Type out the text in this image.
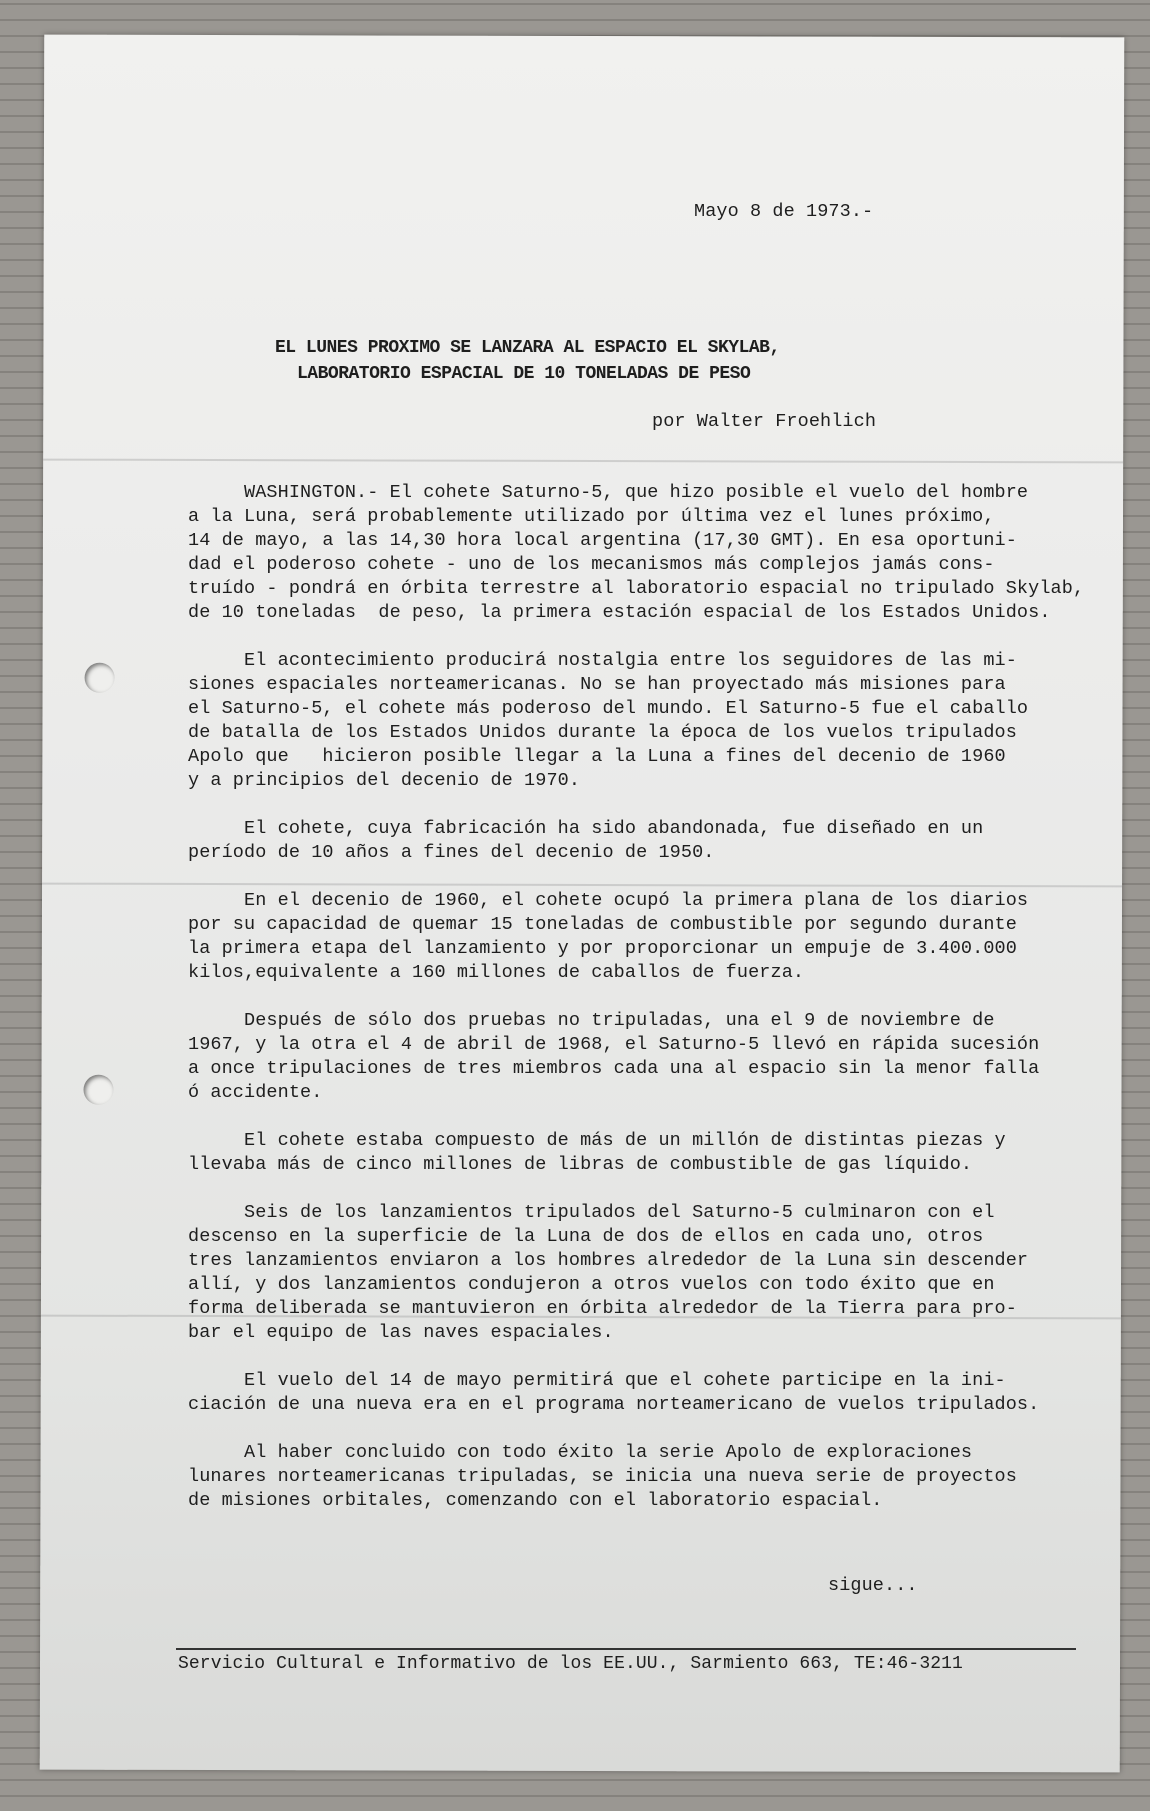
Mayo 8 de 1973.-
EL LUNES PROXIMO SE LANZARA AL ESPACIO EL SKYLAB,
LABORATORIO ESPACIAL DE 10 TONELADAS DE PESO
por Walter Froehlich
WASHINGTON.- El cohete Saturno-5, que hizo posible el vuelo del hombre
a la Luna, será probablemente utilizado por última vez el lunes próximo,
14 de mayo, a las 14,30 hora local argentina (17,30 GMT). En esa oportuni-
dad el poderoso cohete - uno de los mecanismos más complejos jamás cons-
truído - pondrá en órbita terrestre al laboratorio espacial no tripulado Skylab,
de 10 toneladas  de peso, la primera estación espacial de los Estados Unidos.
El acontecimiento producirá nostalgia entre los seguidores de las mi-
siones espaciales norteamericanas. No se han proyectado más misiones para
el Saturno-5, el cohete más poderoso del mundo. El Saturno-5 fue el caballo
de batalla de los Estados Unidos durante la época de los vuelos tripulados
Apolo que   hicieron posible llegar a la Luna a fines del decenio de 1960
y a principios del decenio de 1970.
El cohete, cuya fabricación ha sido abandonada, fue diseñado en un
período de 10 años a fines del decenio de 1950.
En el decenio de 1960, el cohete ocupó la primera plana de los diarios
por su capacidad de quemar 15 toneladas de combustible por segundo durante
la primera etapa del lanzamiento y por proporcionar un empuje de 3.400.000
kilos,equivalente a 160 millones de caballos de fuerza.
Después de sólo dos pruebas no tripuladas, una el 9 de noviembre de
1967, y la otra el 4 de abril de 1968, el Saturno-5 llevó en rápida sucesión
a once tripulaciones de tres miembros cada una al espacio sin la menor falla
ó accidente.
El cohete estaba compuesto de más de un millón de distintas piezas y
llevaba más de cinco millones de libras de combustible de gas líquido.
Seis de los lanzamientos tripulados del Saturno-5 culminaron con el
descenso en la superficie de la Luna de dos de ellos en cada uno, otros
tres lanzamientos enviaron a los hombres alrededor de la Luna sin descender
allí, y dos lanzamientos condujeron a otros vuelos con todo éxito que en
forma deliberada se mantuvieron en órbita alrededor de la Tierra para pro-
bar el equipo de las naves espaciales.
El vuelo del 14 de mayo permitirá que el cohete participe en la ini-
ciación de una nueva era en el programa norteamericano de vuelos tripulados.
Al haber concluido con todo éxito la serie Apolo de exploraciones
lunares norteamericanas tripuladas, se inicia una nueva serie de proyectos
de misiones orbitales, comenzando con el laboratorio espacial.
sigue...
Servicio Cultural e Informativo de los EE.UU., Sarmiento 663, TE:46-3211
